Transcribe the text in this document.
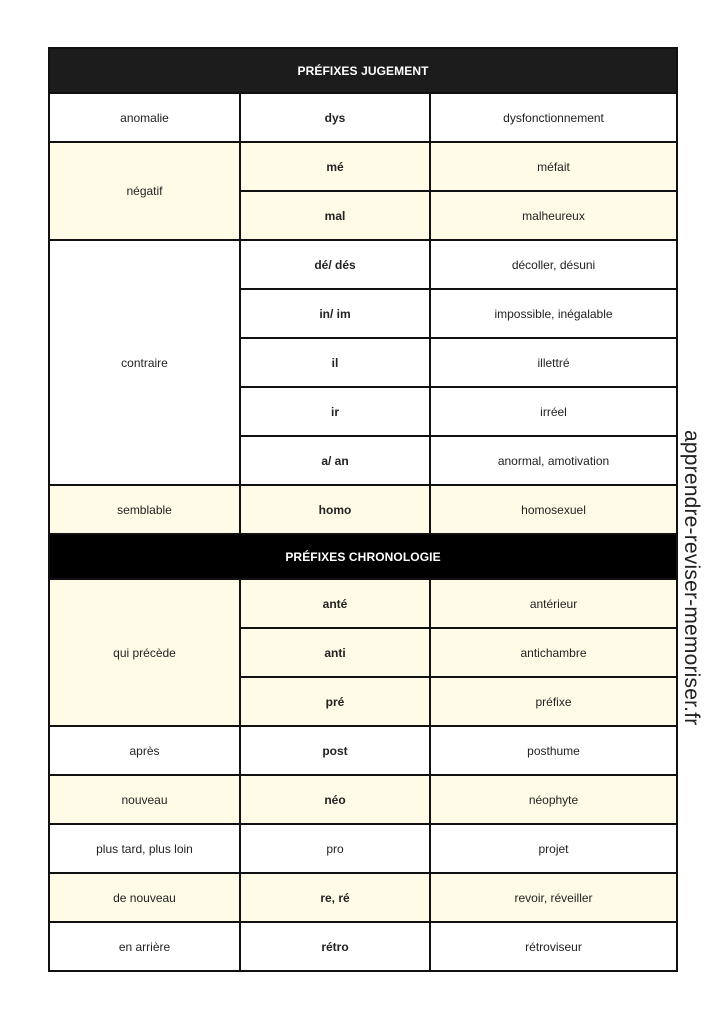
PRÉFIXES JUGEMENT		
anomalie	dys	dysfonctionnement
négatif	mé	méfait
	mal	malheureux
contraire	dé/ dés	décoller, désuni
	in/ im	impossible, inégalable
	il	illettré
	ir	irréel
	a/ an	anormal, amotivation
semblable	homo	homosexuel
PRÉFIXES CHRONOLOGIE		
qui précède	anté	antérieur
	anti	antichambre
	pré	préfixe
après	post	posthume
nouveau	néo	néophyte
plus tard, plus loin	pro	projet
de nouveau	re, ré	revoir, réveiller
en arrière	rétro	rétroviseur
apprendre-reviser-memoriser.fr
